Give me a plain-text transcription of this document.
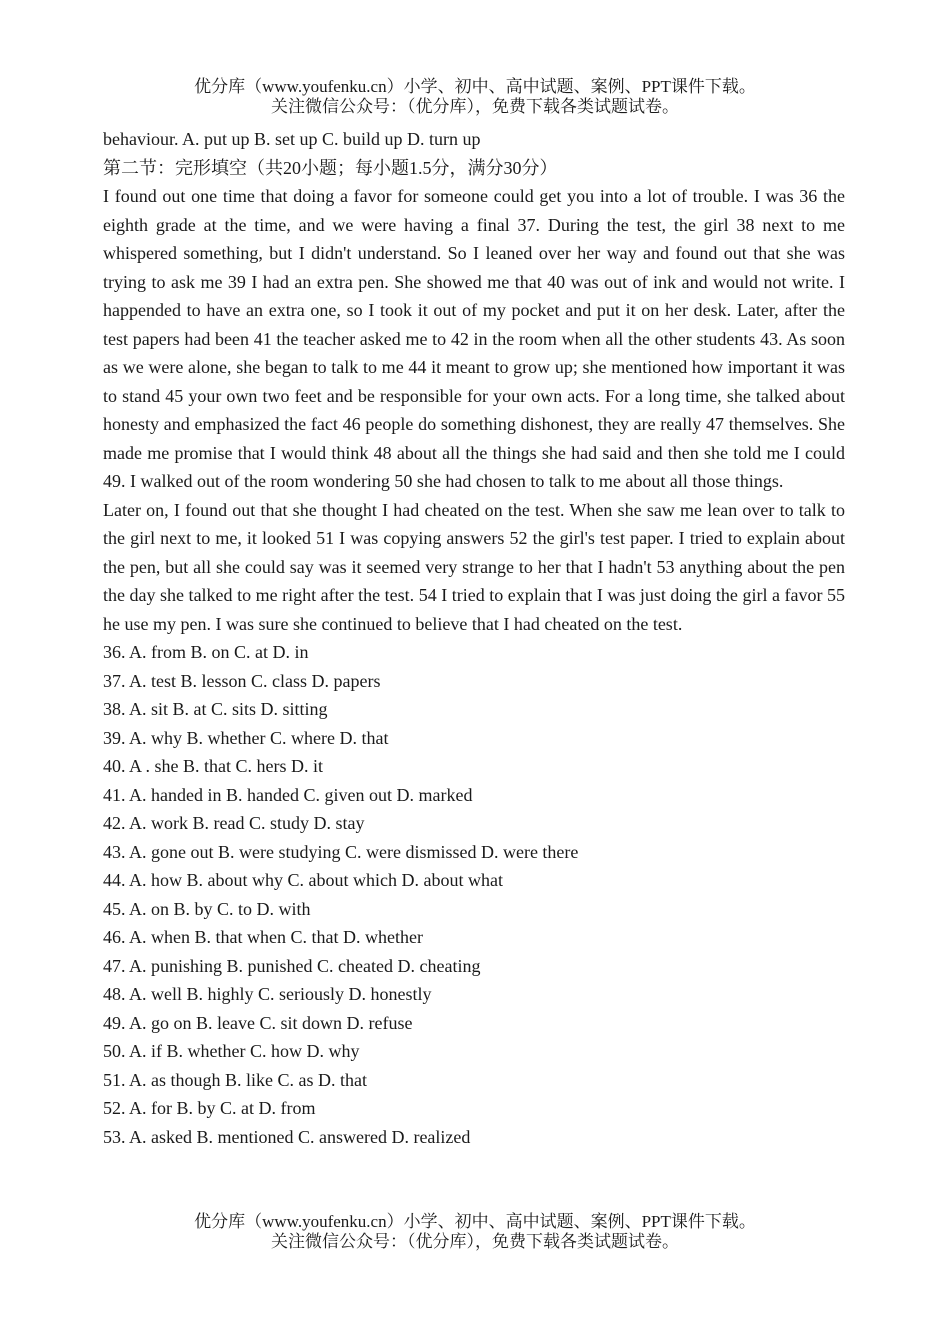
优分库（www.youfenku.cn）小学、初中、高中试题、案例、PPT课件下载。
关注微信公众号：（优分库），免费下载各类试题试卷。

behaviour. A. put up B. set up C. build up D. turn up

第二节：完形填空（共20小题；每小题1.5分，满分30分）

I found out one time that doing a favor for someone could get you into a lot of trouble. I was 36 the eighth grade at the time, and we were having a final 37. During the test, the girl 38 next to me whispered something, but I didn't understand. So I leaned over her way and found out that she was trying to ask me 39 I had an extra pen. She showed me that 40 was out of ink and would not write. I happended to have an extra one, so I took it out of my pocket and put it on her desk. Later, after the test papers had been 41 the teacher asked me to 42 in the room when all the other students 43. As soon as we were alone, she began to talk to me 44 it meant to grow up; she mentioned how important it was to stand 45 your own two feet and be responsible for your own acts. For a long time, she talked about honesty and emphasized the fact 46 people do something dishonest, they are really 47 themselves. She made me promise that I would think 48 about all the things she had said and then she told me I could 49. I walked out of the room wondering 50 she had chosen to talk to me about all those things.

Later on, I found out that she thought I had cheated on the test. When she saw me lean over to talk to the girl next to me, it looked 51 I was copying answers 52 the girl's test paper. I tried to explain about the pen, but all she could say was it seemed very strange to her that I hadn't 53 anything about the pen the day she talked to me right after the test. 54 I tried to explain that I was just doing the girl a favor 55 he use my pen. I was sure she continued to believe that I had cheated on the test.

36. A. from B. on C. at D. in
37. A. test B. lesson C. class D. papers
38. A. sit B. at C. sits D. sitting
39. A. why B. whether C. where D. that
40. A . she B. that C. hers D. it
41. A. handed in B. handed C. given out D. marked
42. A. work B. read C. study D. stay
43. A. gone out B. were studying C. were dismissed D. were there
44. A. how B. about why C. about which D. about what
45. A. on B. by C. to D. with
46. A. when B. that when C. that D. whether
47. A. punishing B. punished C. cheated D. cheating
48. A. well B. highly C. seriously D. honestly
49. A. go on B. leave C. sit down D. refuse
50. A. if B. whether C. how D. why
51. A. as though B. like C. as D. that
52. A. for B. by C. at D. from
53. A. asked B. mentioned C. answered D. realized
优分库（www.youfenku.cn）小学、初中、高中试题、案例、PPT课件下载。
关注微信公众号：（优分库），免费下载各类试题试卷。
